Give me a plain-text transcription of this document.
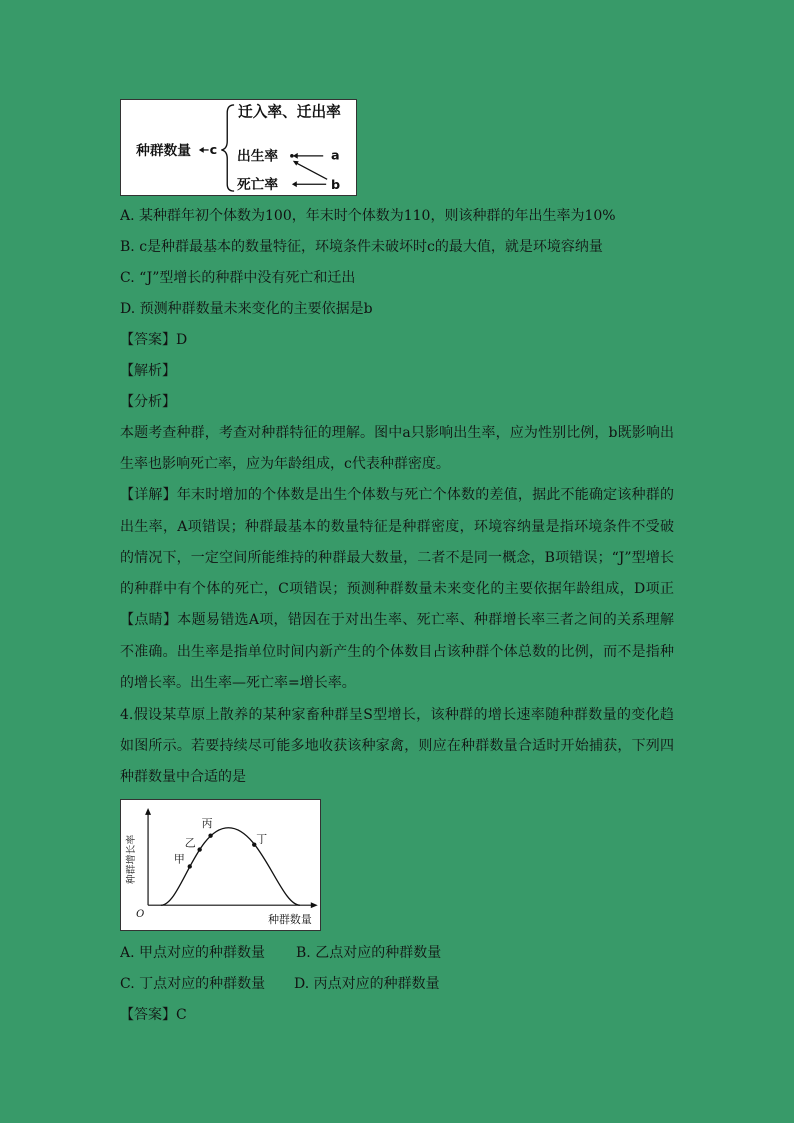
种群数量 c
迁入率、迁出率
出生率	a
死亡率	b
A. 某种群年初个体数为100，年末时个体数为110，则该种群的年出生率为10%
B. c是种群最基本的数量特征，环境条件未破坏时c的最大值，就是环境容纳量
C. “J”型增长的种群中没有死亡和迁出
D. 预测种群数量未来变化的主要依据是b
【答案】D
【解析】
【分析】
本题考查种群，考查对种群特征的理解。图中a只影响出生率，应为性别比例，b既影响出
生率也影响死亡率，应为年龄组成，c代表种群密度。
【详解】年末时增加的个体数是出生个体数与死亡个体数的差值，据此不能确定该种群的
出生率，A项错误；种群最基本的数量特征是种群密度，环境容纳量是指环境条件不受破
的情况下，一定空间所能维持的种群最大数量，二者不是同一概念，B项错误；“J”型增长
的种群中有个体的死亡，C项错误；预测种群数量未来变化的主要依据年龄组成，D项正
【点睛】本题易错选A项，错因在于对出生率、死亡率、种群增长率三者之间的关系理解
不准确。出生率是指单位时间内新产生的个体数目占该种群个体总数的比例，而不是指种
的增长率。出生率—死亡率=增长率。
4.假设某草原上散养的某种家畜种群呈S型增长，该种群的增长速率随种群数量的变化趋
如图所示。若要持续尽可能多地收获该种家禽，则应在种群数量合适时开始捕获，下列四
种群数量中合适的是
O
种群增长率
种群数量
甲
乙
丙
丁
A. 甲点对应的种群数量 B. 乙点对应的种群数量
C. 丁点对应的种群数量 D. 丙点对应的种群数量
【答案】C
